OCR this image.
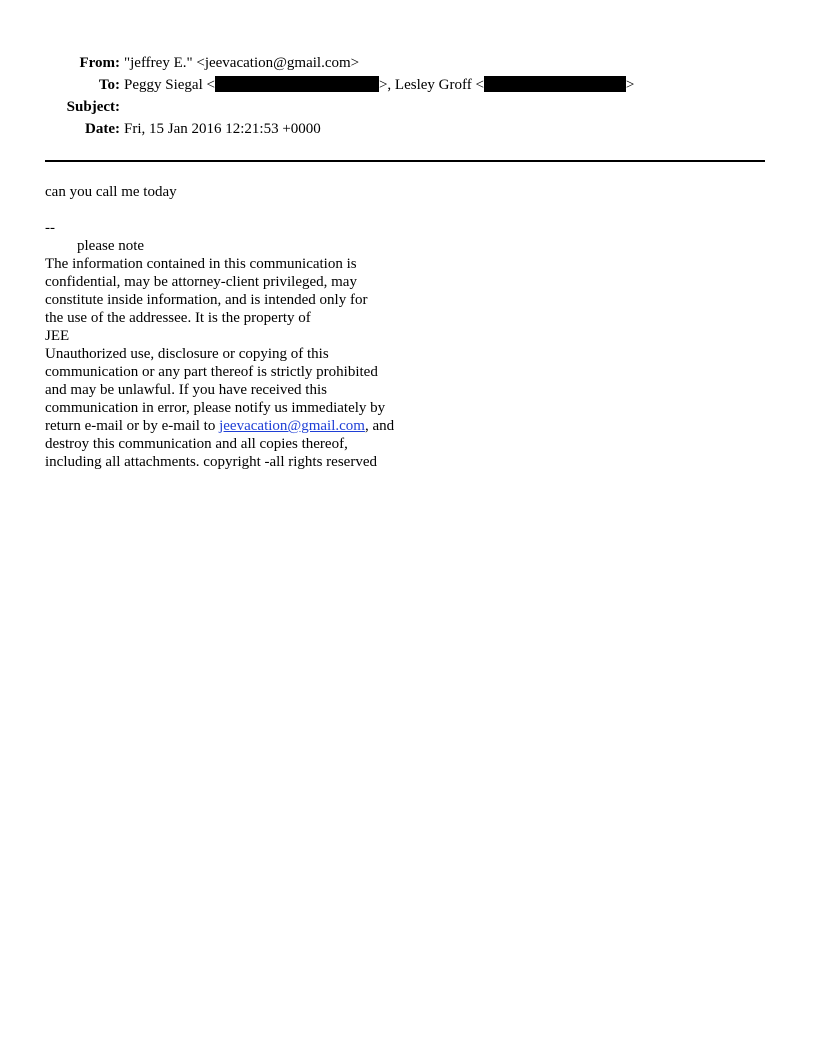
From: "jeffrey E." <jeevacation@gmail.com>
To: Peggy Siegal <	>, Lesley Groff <	>
Subject:
Date: Fri, 15 Jan 2016 12:21:53 +0000
can you call me today
--
please note
The information contained in this communication is
confidential, may be attorney-client privileged, may
constitute inside information, and is intended only for
the use of the addressee. It is the property of
JEE
Unauthorized use, disclosure or copying of this
communication or any part thereof is strictly prohibited
and may be unlawful. If you have received this
communication in error, please notify us immediately by
return e-mail or by e-mail to jeevacation@gmail.com, and
destroy this communication and all copies thereof,
including all attachments. copyright -all rights reserved
